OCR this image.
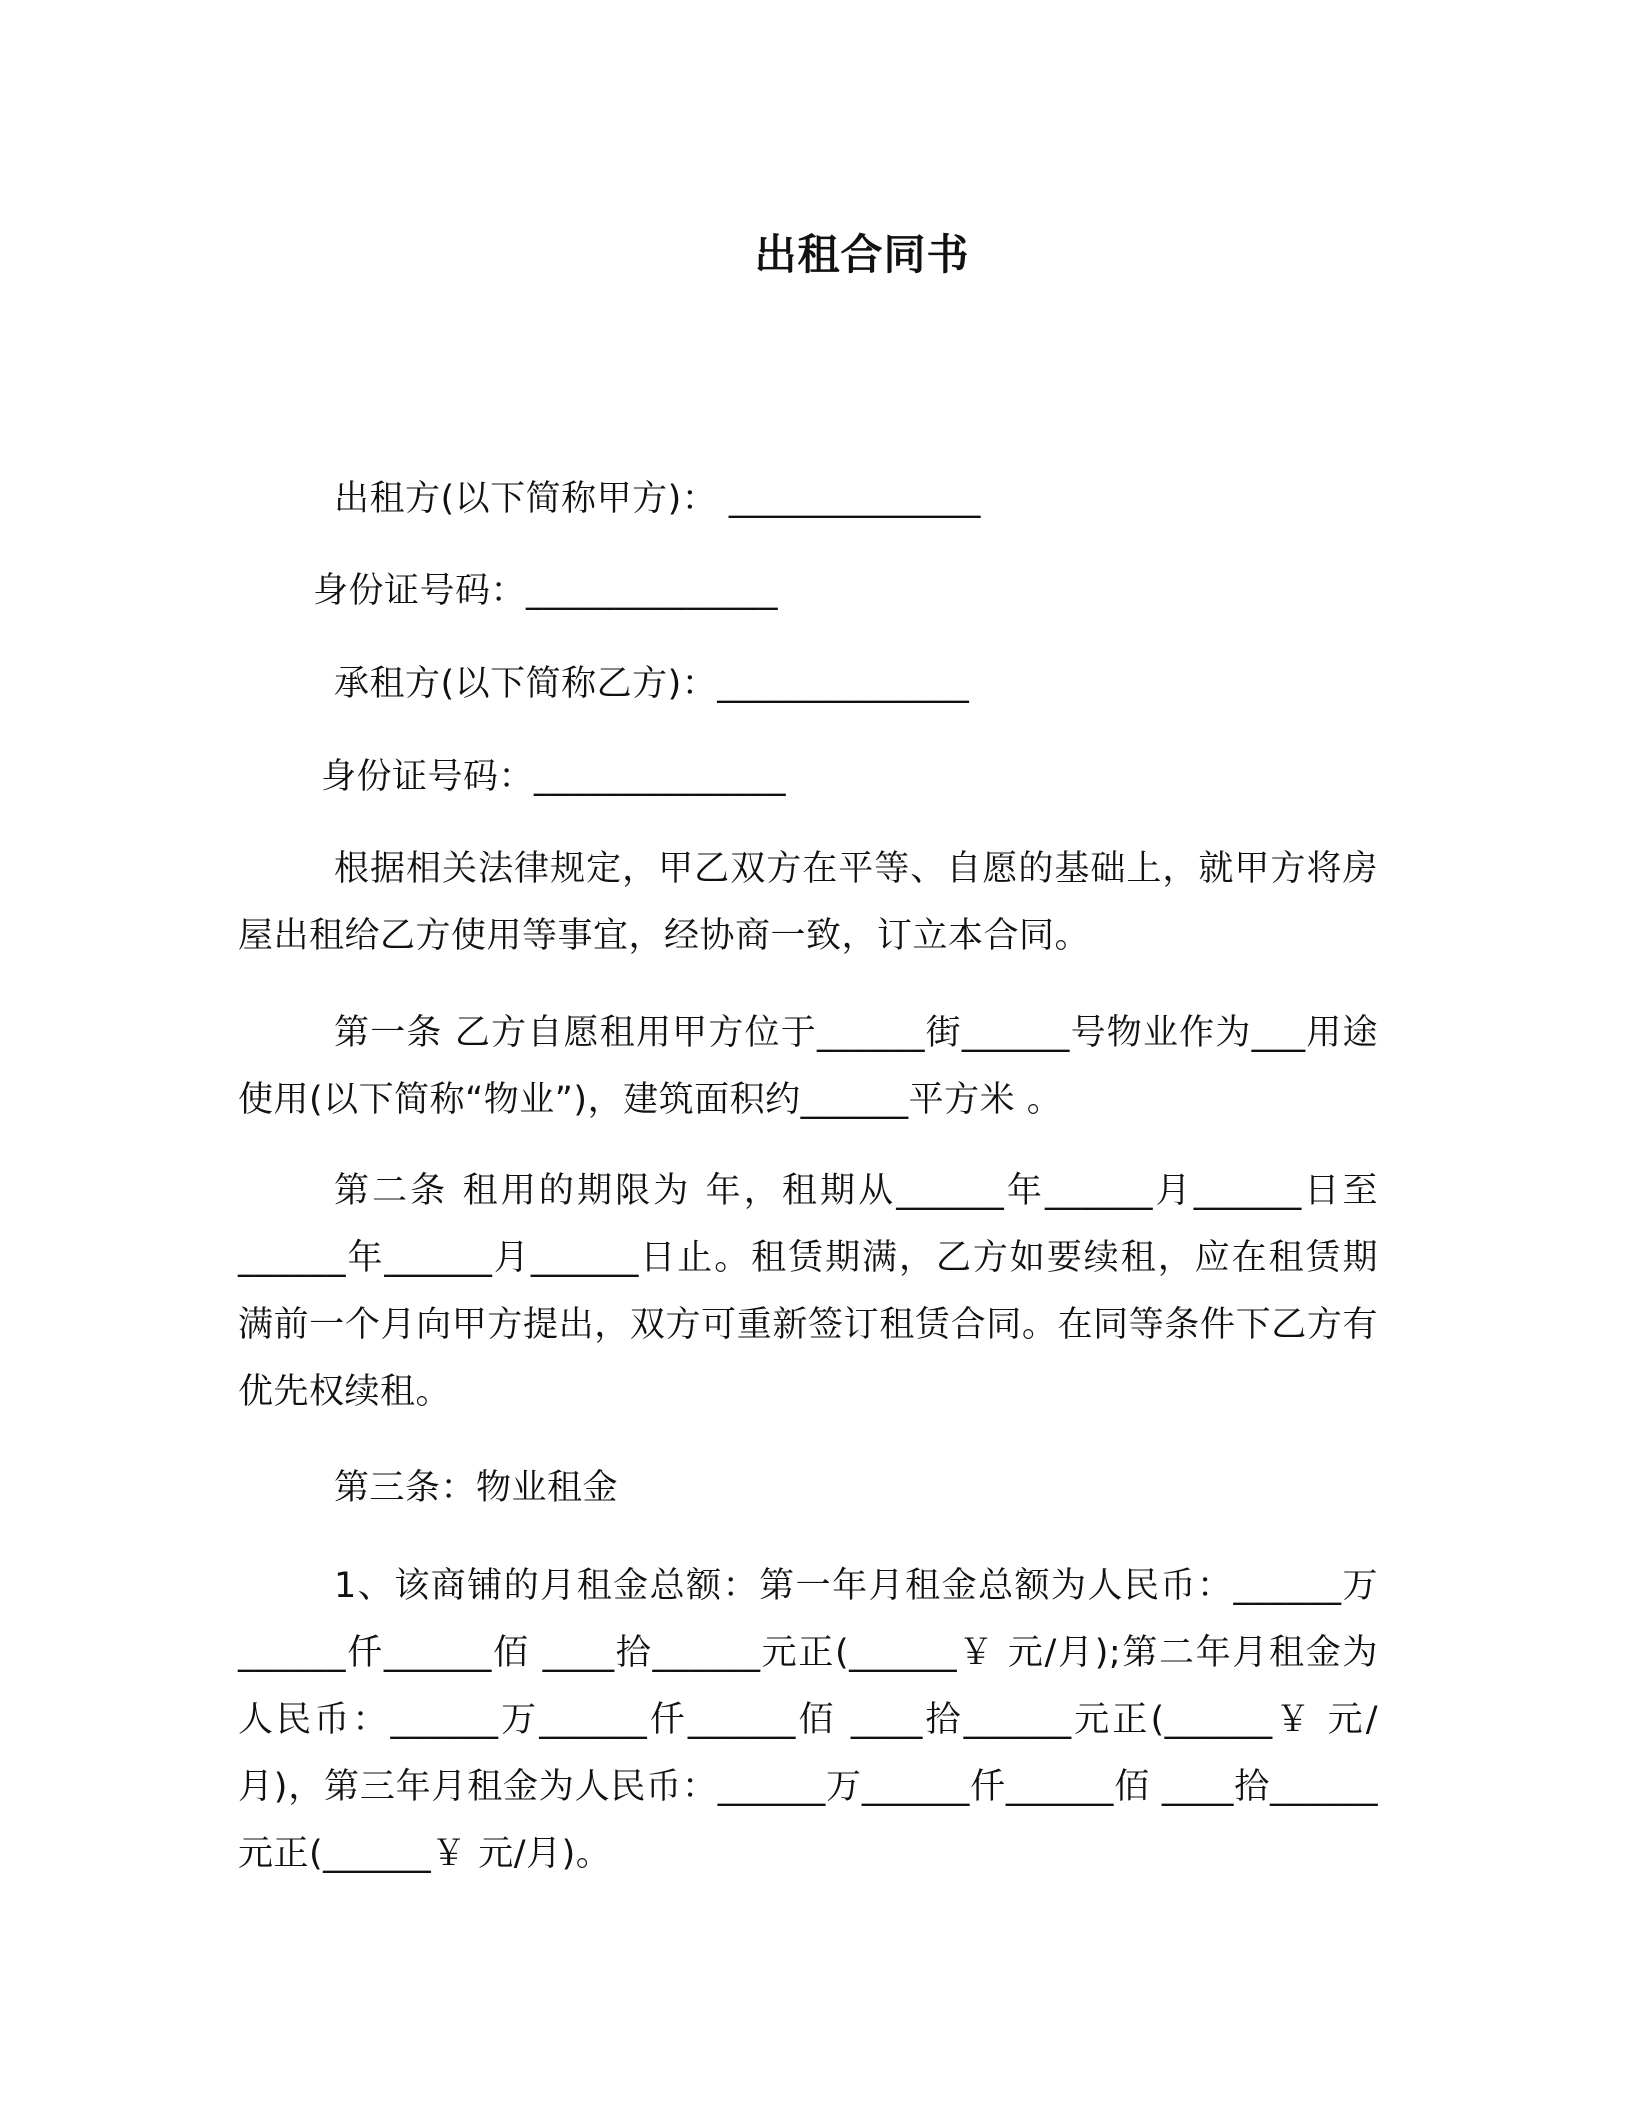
出租合同书
出租方(以下简称甲方)： ______________
身份证号码：______________
承租方(以下简称乙方)：______________
身份证号码：______________
根据相关法律规定，甲乙双方在平等、自愿的基础上，就甲方将房屋出租给乙方使用等事宜，经协商一致，订立本合同。
第一条 乙方自愿租用甲方位于______街______号物业作为___用途使用(以下简称“物业”)，建筑面积约______平方米 。
第二条 租用的期限为 年，租期从______年______月______日至______年______月______日止。租赁期满，乙方如要续租，应在租赁期满前一个月向甲方提出，双方可重新签订租赁合同。在同等条件下乙方有优先权续租。
第三条：物业租金
1、该商铺的月租金总额：第一年月租金总额为人民币：______万______仟______佰 ____拾______元正(______￥ 元/月);第二年月租金为人民币：______万______仟______佰 ____拾______元正(______￥ 元/月)，第三年月租金为人民币：______万______仟______佰 ____拾______元正(______￥ 元/月)。
